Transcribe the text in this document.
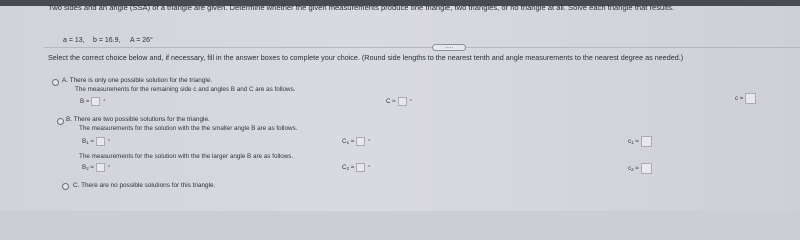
Two sides and an angle (SSA) of a triangle are given. Determine whether the given measurements produce one triangle, two triangles, or no triangle at all. Solve each triangle that results.
a = 13, b = 16.9, A = 26°
.....
Select the correct choice below and, if necessary, fill in the answer boxes to complete your choice. (Round side lengths to the nearest tenth and angle measurements to the nearest degree as needed.)
A. There is only one possible solution for the triangle.
The measurements for the remaining side c and angles B and C are as follows.
B ≈	°	C ≈	°	c ≈
B. There are two possible solutions for the triangle.
The measurements for the solution with the the smaller angle B are as follows.
$B_1$ ≈	°	$C_1$ ≈	°	$c_1$ ≈
The measurements for the solution with the the larger angle B are as follows.
$B_2$ ≈	°	$C_2$ ≈	°	$c_2$ ≈
C. There are no possible solutions for this triangle.
